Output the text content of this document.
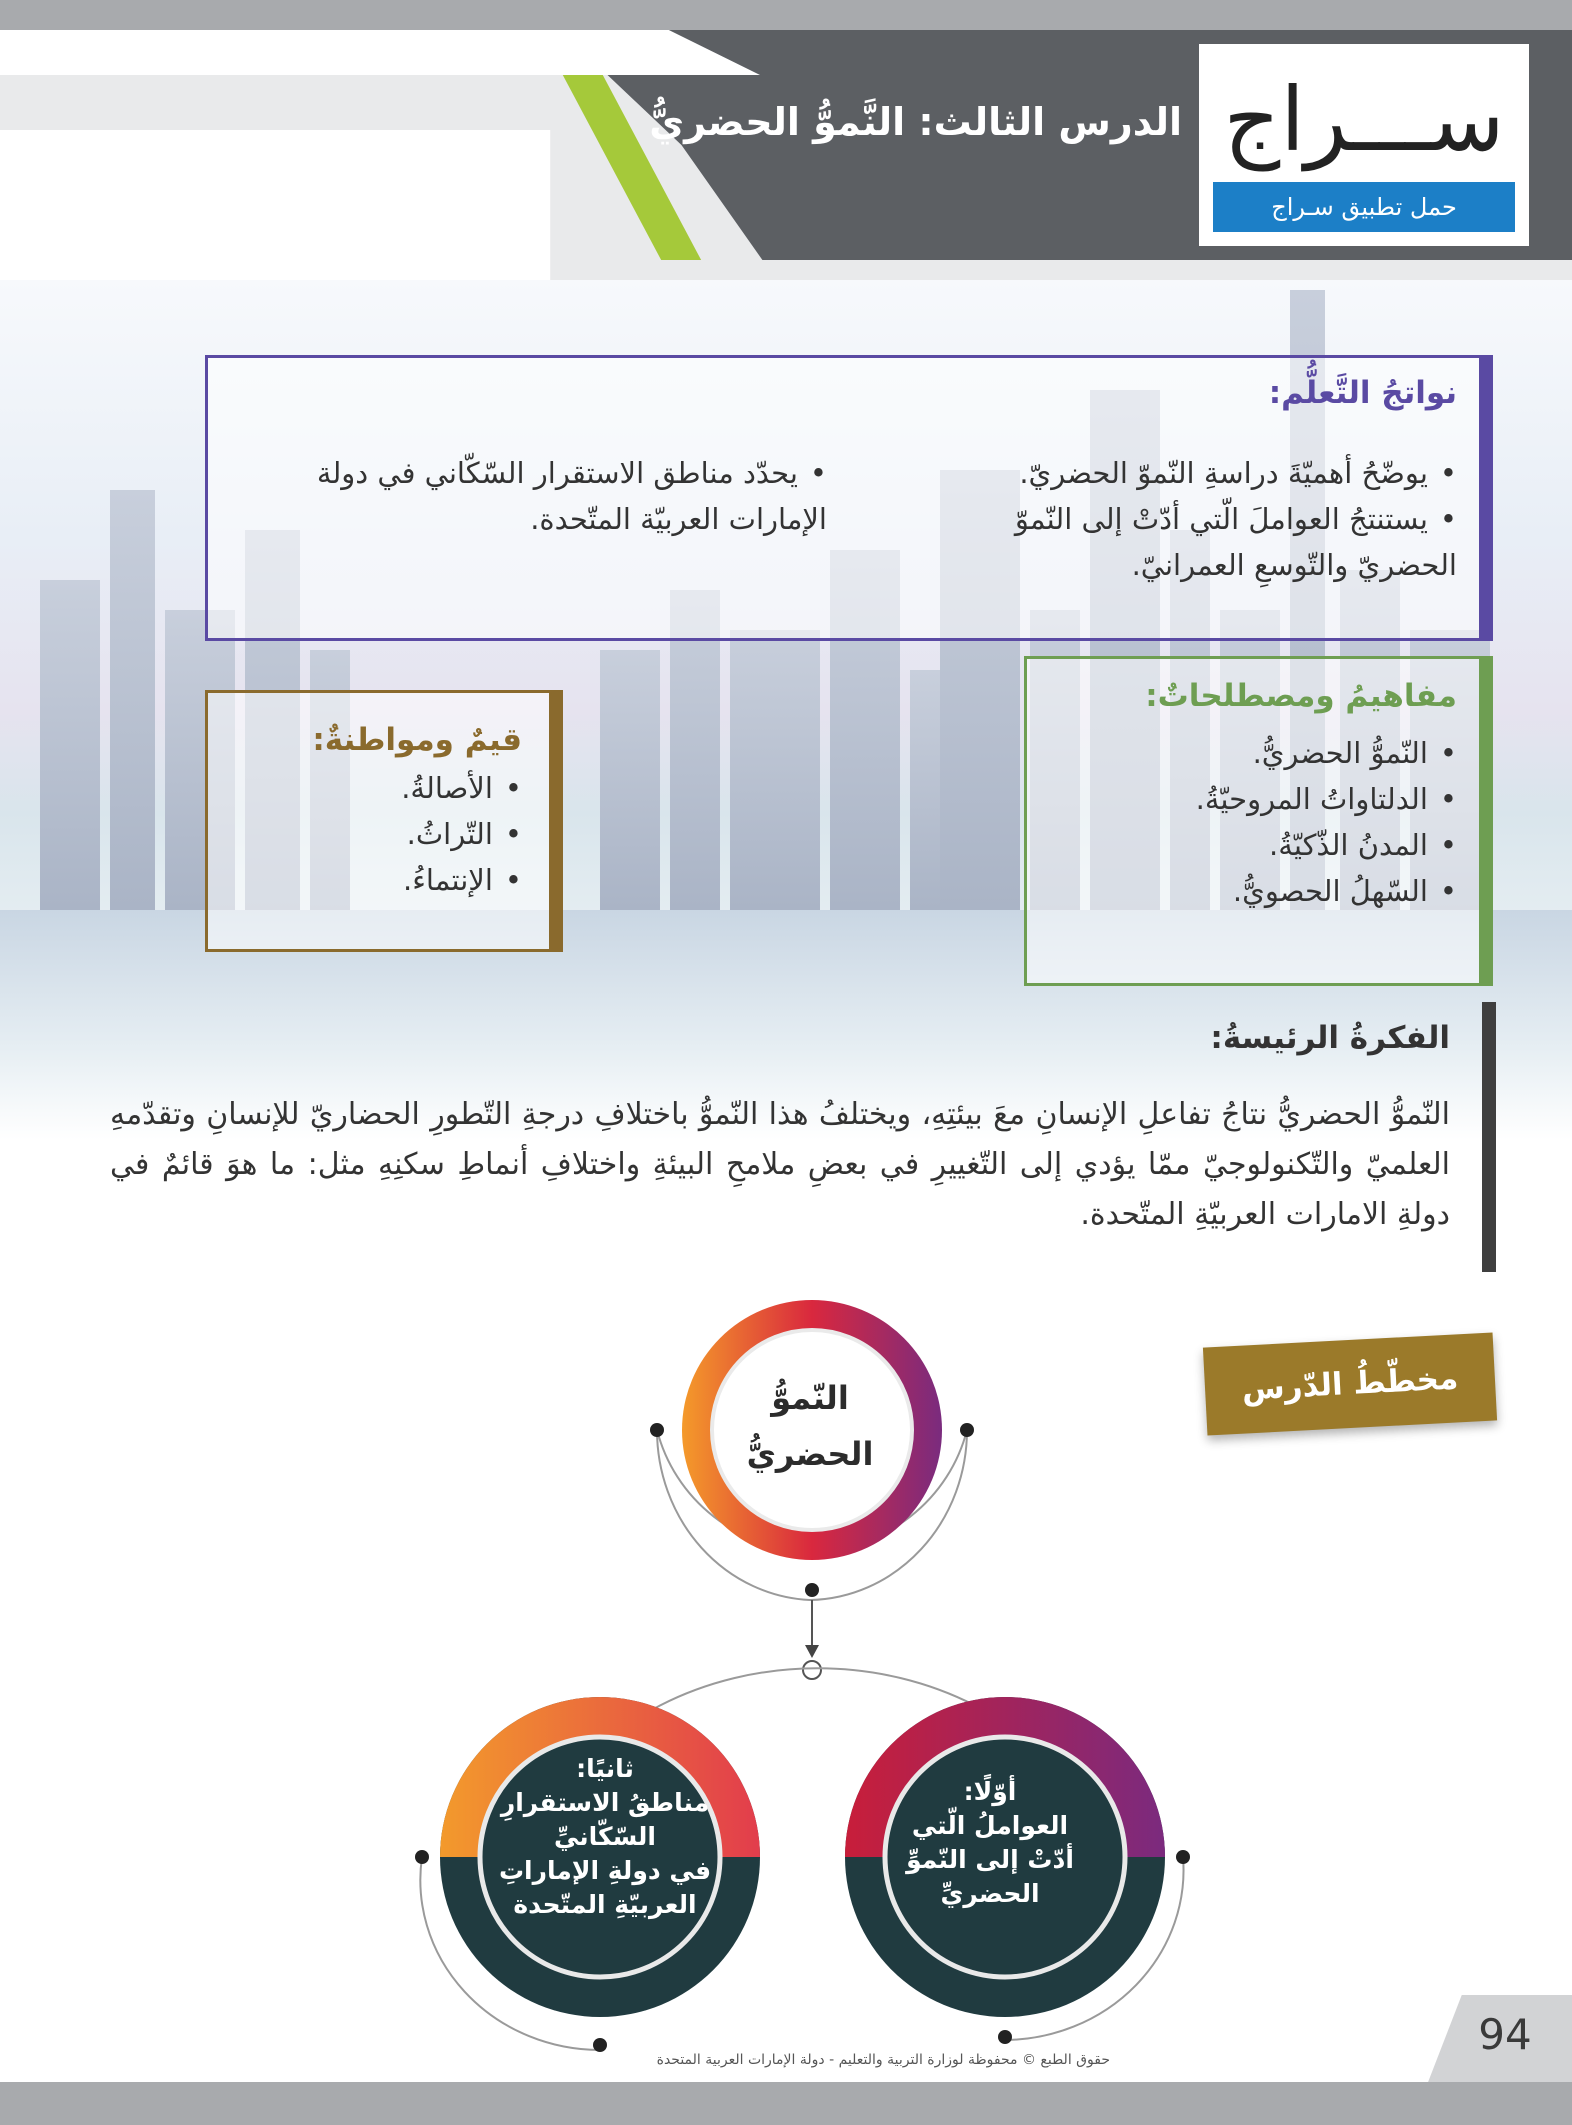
الدرس الثالث: النَّموُّ الحضريُّ ســـراج
حمل تطبيق سـراج
نواتجُ التَّعلُّم:
• يوضّحُ أهميّةَ دراسةِ النّموّ الحضريّ.
• يستنتجُ العواملَ الّتي أدّتْ إلى النّموّ الحضريّ والتّوسعِ العمرانيّ.
• يحدّد مناطق الاستقرار السّكّاني في دولة الإمارات العربيّة المتّحدة.
مفاهيمُ ومصطلحاتٌ:
• النّموُّ الحضريُّ.
• الدلتاواتُ المروحيّةُ.
• المدنُ الذّكيّةُ.
• السّهلُ الحصويُّ.
قيمٌ ومواطنةٌ:
• الأصالةُ.
• التّراثُ.
• الإنتماءُ.
الفكرةُ الرئيسةُ:

النّموُّ الحضريُّ نتاجُ تفاعلِ الإنسانِ معَ بيئتِهِ، ويختلفُ هذا النّموُّ باختلافِ درجةِ التّطورِ الحضاريّ للإنسانِ وتقدّمهِ العلميّ والتّكنولوجيّ ممّا يؤدي إلى التّغييرِ في بعضِ ملامحِ البيئةِ واختلافِ أنماطِ سكنِهِ مثل: ما هوَ قائمٌ في دولةِ الامارات العربيّةِ المتّحدة.

مخطّطُ الدّرس
النّموُّ
الحضريُّ
أوّلًا:
العواملُ الّتي
أدّتْ إلى النّموِّ
الحضريِّ
ثانيًا:
مناطقُ الاستقرارِ
السّكّانيِّ
في دولةِ الإماراتِ
العربيّةِ المتّحدة
94
حقوق الطبع © محفوظة لوزارة التربية والتعليم - دولة الإمارات العربية المتحدة
